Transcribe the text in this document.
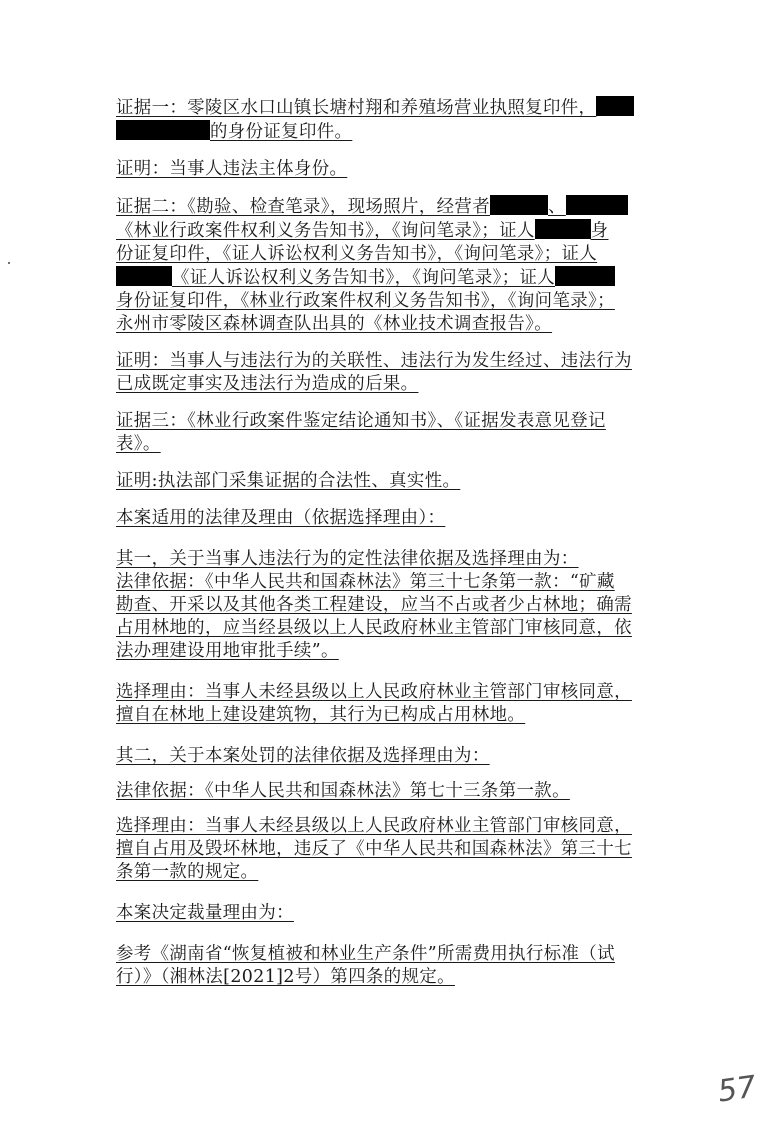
证据一：零陵区水口山镇长塘村翔和养殖场营业执照复印件，
的身份证复印件。

证明：当事人违法主体身份。

证据二：《勘验、检查笔录》，现场照片，经营者	、
《林业行政案件权利义务告知书》，《询问笔录》；证人	身
份证复印件，《证人诉讼权利义务告知书》，《询问笔录》；证人
《证人诉讼权利义务告知书》，《询问笔录》；证人
身份证复印件，《林业行政案件权利义务告知书》，《询问笔录》；
永州市零陵区森林调查队出具的《林业技术调查报告》。

证明：当事人与违法行为的关联性、违法行为发生经过、违法行为
已成既定事实及违法行为造成的后果。

证据三：《林业行政案件鉴定结论通知书》、《证据发表意见登记
表》。

证明:执法部门采集证据的合法性、真实性。

本案适用的法律及理由（依据选择理由）：

其一，关于当事人违法行为的定性法律依据及选择理由为：
法律依据：《中华人民共和国森林法》第三十七条第一款：“矿藏
勘查、开采以及其他各类工程建设，应当不占或者少占林地；确需
占用林地的，应当经县级以上人民政府林业主管部门审核同意，依
法办理建设用地审批手续”。

选择理由：当事人未经县级以上人民政府林业主管部门审核同意，
擅自在林地上建设建筑物，其行为已构成占用林地。

其二，关于本案处罚的法律依据及选择理由为：

法律依据：《中华人民共和国森林法》第七十三条第一款。

选择理由：当事人未经县级以上人民政府林业主管部门审核同意，
擅自占用及毁坏林地，违反了《中华人民共和国森林法》第三十七
条第一款的规定。

本案决定裁量理由为：

参考《湖南省“恢复植被和林业生产条件”所需费用执行标准（试
行）》（湘林法[2021]2号）第四条的规定。

57
